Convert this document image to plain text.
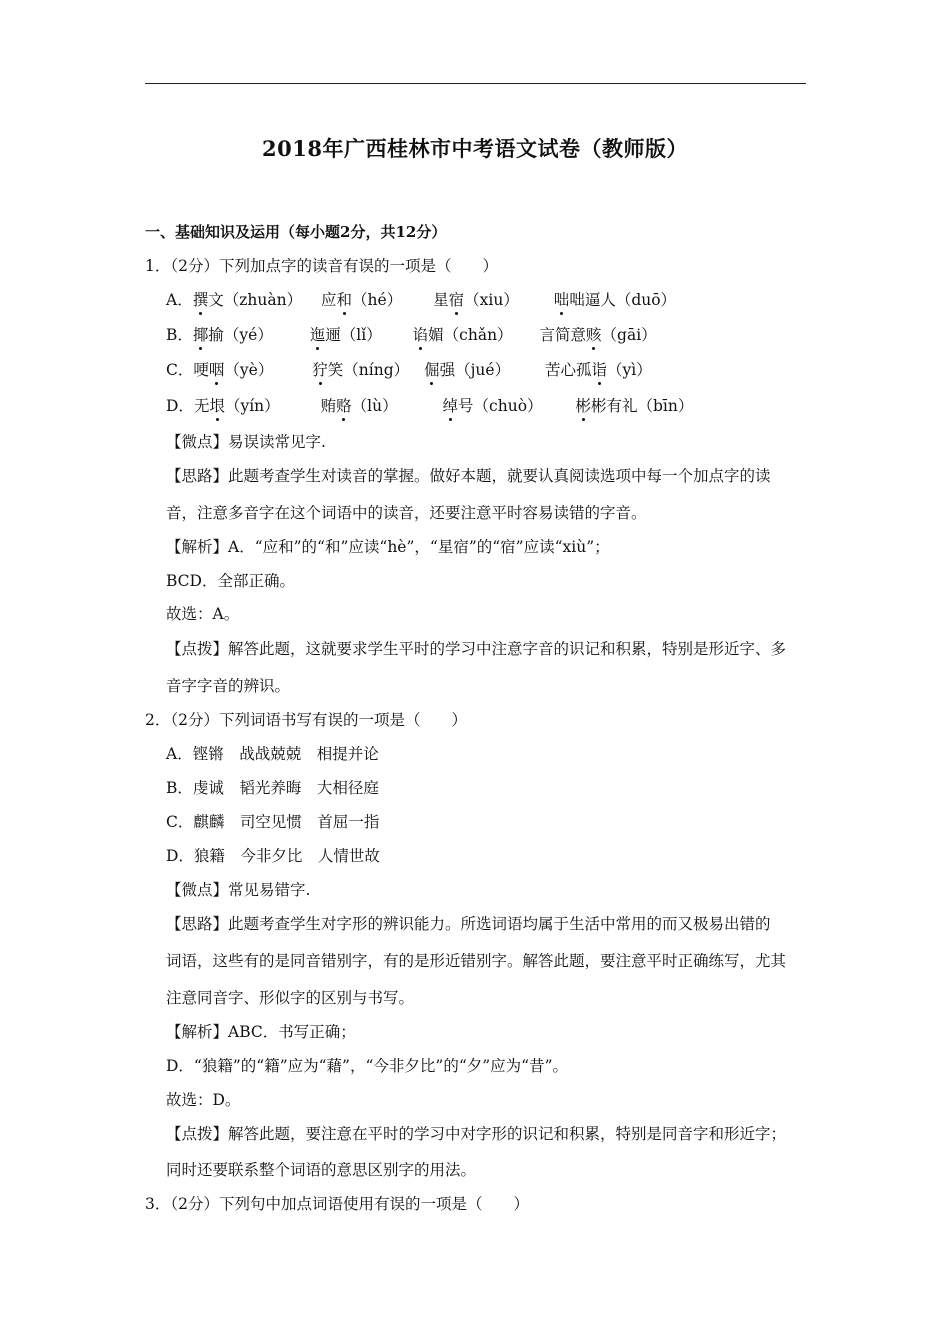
2018年广西桂林市中考语文试卷（教师版）
一、基础知识及运用（每小题2分，共12分）
1．（2分）下列加点字的读音有误的一项是（　　）
A．撰文（zhuàn） 应和（hé） 星宿（xiu） 咄咄逼人（duō）
B．揶揄（yé） 迤逦（lǐ） 谄媚（chǎn） 言简意赅（gāi）
C．哽咽（yè）	狞笑（níng） 倔强（jué） 苦心孤诣（yì）
D．无垠（yín）	贿赂（lù）	绰号（chuò） 彬彬有礼（bīn）
【微点】易误读常见字.
【思路】此题考查学生对读音的掌握。做好本题，就要认真阅读选项中每一个加点字的读
音，注意多音字在这个词语中的读音，还要注意平时容易读错的字音。
【解析】A．“应和”的“和”应读“hè”，“星宿”的“宿”应读“xiù”；
BCD．全部正确。
故选：A。
【点拨】解答此题，这就要求学生平时的学习中注意字音的识记和积累，特别是形近字、多
音字字音的辨识。
2．（2分）下列词语书写有误的一项是（　　）
A．铿锵　战战兢兢　相提并论
B．虔诚　韬光养晦　大相径庭
C．麒麟　司空见惯　首屈一指
D．狼籍　今非夕比　人情世故
【微点】常见易错字.
【思路】此题考查学生对字形的辨识能力。所选词语均属于生活中常用的而又极易出错的
词语，这些有的是同音错别字，有的是形近错别字。解答此题，要注意平时正确练写，尤其
注意同音字、形似字的区别与书写。
【解析】ABC．书写正确；
D．“狼籍”的“籍”应为“藉”，“今非夕比”的“夕”应为“昔”。
故选：D。
【点拨】解答此题，要注意在平时的学习中对字形的识记和积累，特别是同音字和形近字；
同时还要联系整个词语的意思区别字的用法。
3．（2分）下列句中加点词语使用有误的一项是（　　）
